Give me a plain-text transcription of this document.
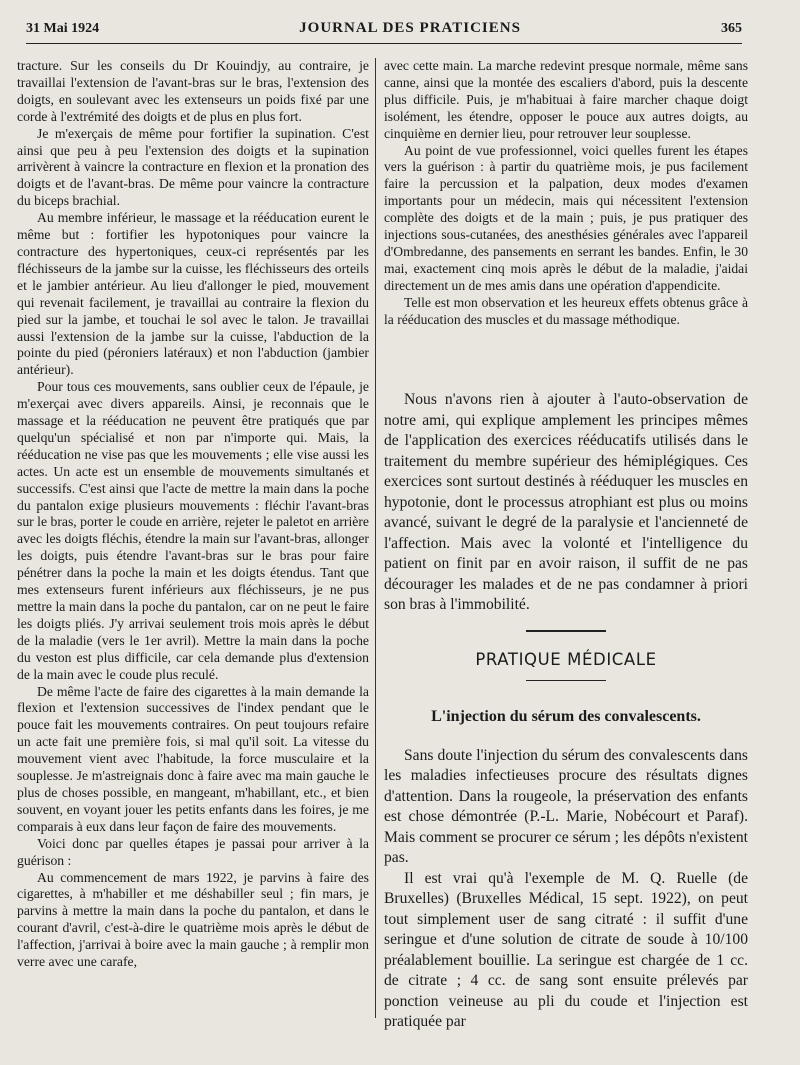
31 Mai 1924	JOURNAL DES PRATICIENS	365

tracture. Sur les conseils du Dr Kouindjy, au contraire, je travaillai l'extension de l'avant-bras sur le bras, l'extension des doigts, en soulevant avec les extenseurs un poids fixé par une corde à l'extrémité des doigts et de plus en plus fort.

Je m'exerçais de même pour fortifier la supination. C'est ainsi que peu à peu l'extension des doigts et la supination arrivèrent à vaincre la contracture en flexion et la pronation des doigts et de l'avant-bras. De même pour vaincre la contracture du biceps brachial.

Au membre inférieur, le massage et la rééducation eurent le même but : fortifier les hypotoniques pour vaincre la contracture des hypertoniques, ceux-ci représentés par les fléchisseurs de la jambe sur la cuisse, les fléchisseurs des orteils et le jambier antérieur. Au lieu d'allonger le pied, mouvement qui revenait facilement, je travaillai au contraire la flexion du pied sur la jambe, et touchai le sol avec le talon. Je travaillai aussi l'extension de la jambe sur la cuisse, l'abduction de la pointe du pied (péroniers latéraux) et non l'abduction (jambier antérieur).

Pour tous ces mouvements, sans oublier ceux de l'épaule, je m'exerçai avec divers appareils. Ainsi, je reconnais que le massage et la rééducation ne peuvent être pratiqués que par quelqu'un spécialisé et non par n'importe qui. Mais, la rééducation ne vise pas que les mouvements ; elle vise aussi les actes. Un acte est un ensemble de mouvements simultanés et successifs. C'est ainsi que l'acte de mettre la main dans la poche du pantalon exige plusieurs mouvements : fléchir l'avant-bras sur le bras, porter le coude en arrière, rejeter le paletot en arrière avec les doigts fléchis, étendre la main sur l'avant-bras, allonger les doigts, puis étendre l'avant-bras sur le bras pour faire pénétrer dans la poche la main et les doigts étendus. Tant que mes extenseurs furent inférieurs aux fléchisseurs, je ne pus mettre la main dans la poche du pantalon, car on ne peut le faire les doigts pliés. J'y arrivai seulement trois mois après le début de la maladie (vers le 1er avril). Mettre la main dans la poche du veston est plus difficile, car cela demande plus d'extension de la main avec le coude plus reculé.

De même l'acte de faire des cigarettes à la main demande la flexion et l'extension successives de l'index pendant que le pouce fait les mouvements contraires. On peut toujours refaire un acte fait une première fois, si mal qu'il soit. La vitesse du mouvement vient avec l'habitude, la force musculaire et la souplesse. Je m'astreignais donc à faire avec ma main gauche le plus de choses possible, en mangeant, m'habillant, etc., et bien souvent, en voyant jouer les petits enfants dans les foires, je me comparais à eux dans leur façon de faire des mouvements.

Voici donc par quelles étapes je passai pour arriver à la guérison :

Au commencement de mars 1922, je parvins à faire des cigarettes, à m'habiller et me déshabiller seul ; fin mars, je parvins à mettre la main dans la poche du pantalon, et dans le courant d'avril, c'est-à-dire le quatrième mois après le début de l'affection, j'arrivai à boire avec la main gauche ; à remplir mon verre avec une carafe,

avec cette main. La marche redevint presque normale, même sans canne, ainsi que la montée des escaliers d'abord, puis la descente plus difficile. Puis, je m'habituai à faire marcher chaque doigt isolément, les étendre, opposer le pouce aux autres doigts, au cinquième en dernier lieu, pour retrouver leur souplesse.

Au point de vue professionnel, voici quelles furent les étapes vers la guérison : à partir du quatrième mois, je pus facilement faire la percussion et la palpation, deux modes d'examen importants pour un médecin, mais qui nécessitent l'extension complète des doigts et de la main ; puis, je pus pratiquer des injections sous-cutanées, des anesthésies générales avec l'appareil d'Ombredanne, des pansements en serrant les bandes. Enfin, le 30 mai, exactement cinq mois après le début de la maladie, j'aidai directement un de mes amis dans une opération d'appendicite.

Telle est mon observation et les heureux effets obtenus grâce à la rééducation des muscles et du massage méthodique.

Nous n'avons rien à ajouter à l'auto-observation de notre ami, qui explique amplement les principes mêmes de l'application des exercices rééducatifs utilisés dans le traitement du membre supérieur des hémiplégiques. Ces exercices sont surtout destinés à rééduquer les muscles en hypotonie, dont le processus atrophiant est plus ou moins avancé, suivant le degré de la paralysie et l'ancienneté de l'affection. Mais avec la volonté et l'intelligence du patient on finit par en avoir raison, il suffit de ne pas décourager les malades et de ne pas condamner à priori son bras à l'immobilité.

PRATIQUE MÉDICALE
L'injection du sérum des convalescents.

Sans doute l'injection du sérum des convalescents dans les maladies infectieuses procure des résultats dignes d'attention. Dans la rougeole, la préservation des enfants est chose démontrée (P.-L. Marie, Nobécourt et Paraf). Mais comment se procurer ce sérum ; les dépôts n'existent pas.

Il est vrai qu'à l'exemple de M. Q. Ruelle (de Bruxelles) (Bruxelles Médical, 15 sept. 1922), on peut tout simplement user de sang citraté : il suffit d'une seringue et d'une solution de citrate de soude à 10/100 préalablement bouillie. La seringue est chargée de 1 cc. de citrate ; 4 cc. de sang sont ensuite prélevés par ponction veineuse au pli du coude et l'injection est pratiquée par
